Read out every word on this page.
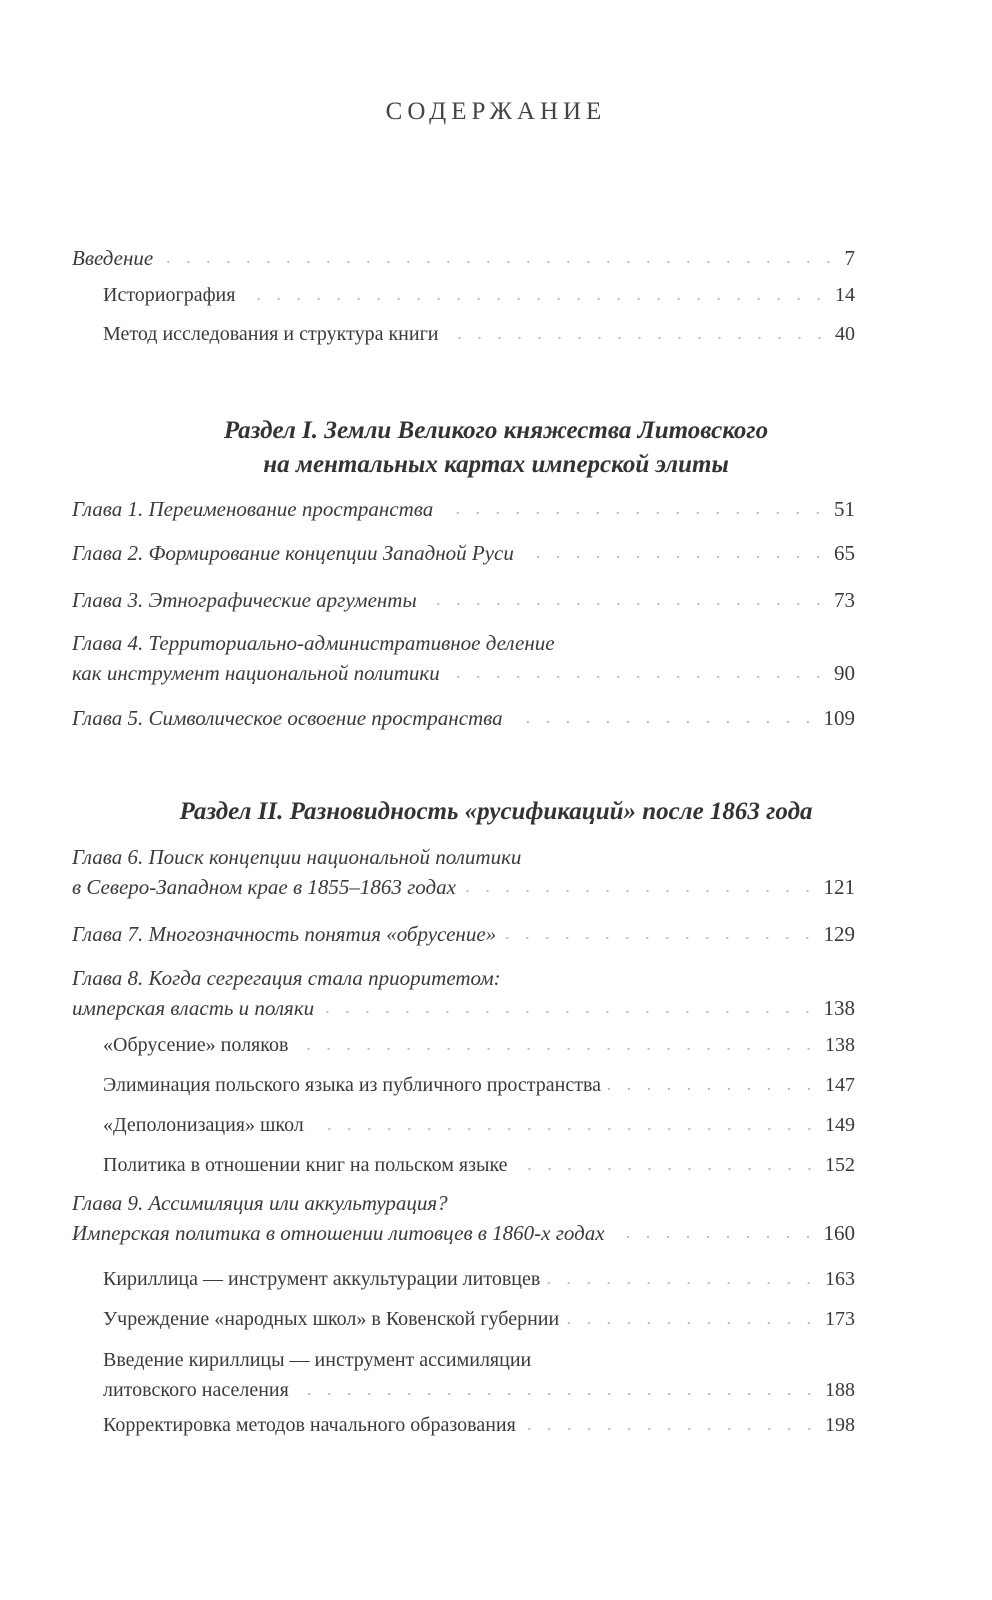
СОДЕРЖАНИЕ
Введение	7
Историография	14
Метод исследования и структура книги	40
Раздел I. Земли Великого княжества Литовского
на ментальных картах имперской элиты
Глава 1. Переименование пространства	51
Глава 2. Формирование концепции Западной Руси	65
Глава 3. Этнографические аргументы	73
Глава 4. Территориально-административное деление
как инструмент национальной политики	90
Глава 5. Символическое освоение пространства	109
Раздел II. Разновидность «русификаций» после 1863 года
Глава 6. Поиск концепции национальной политики
в Северо-Западном крае в 1855–1863 годах	121
Глава 7. Многозначность понятия «обрусение»	129
Глава 8. Когда сегрегация стала приоритетом:
имперская власть и поляки	138
«Обрусение» поляков	138
Элиминация польского языка из публичного пространства	147
«Деполонизация» школ	149
Политика в отношении книг на польском языке	152
Глава 9. Ассимиляция или аккультурация?
Имперская политика в отношении литовцев в 1860-х годах	160
Кириллица — инструмент аккультурации литовцев	163
Учреждение «народных школ» в Ковенской губернии	173
Введение кириллицы — инструмент ассимиляции
литовского населения	188
Корректировка методов начального образования	198
